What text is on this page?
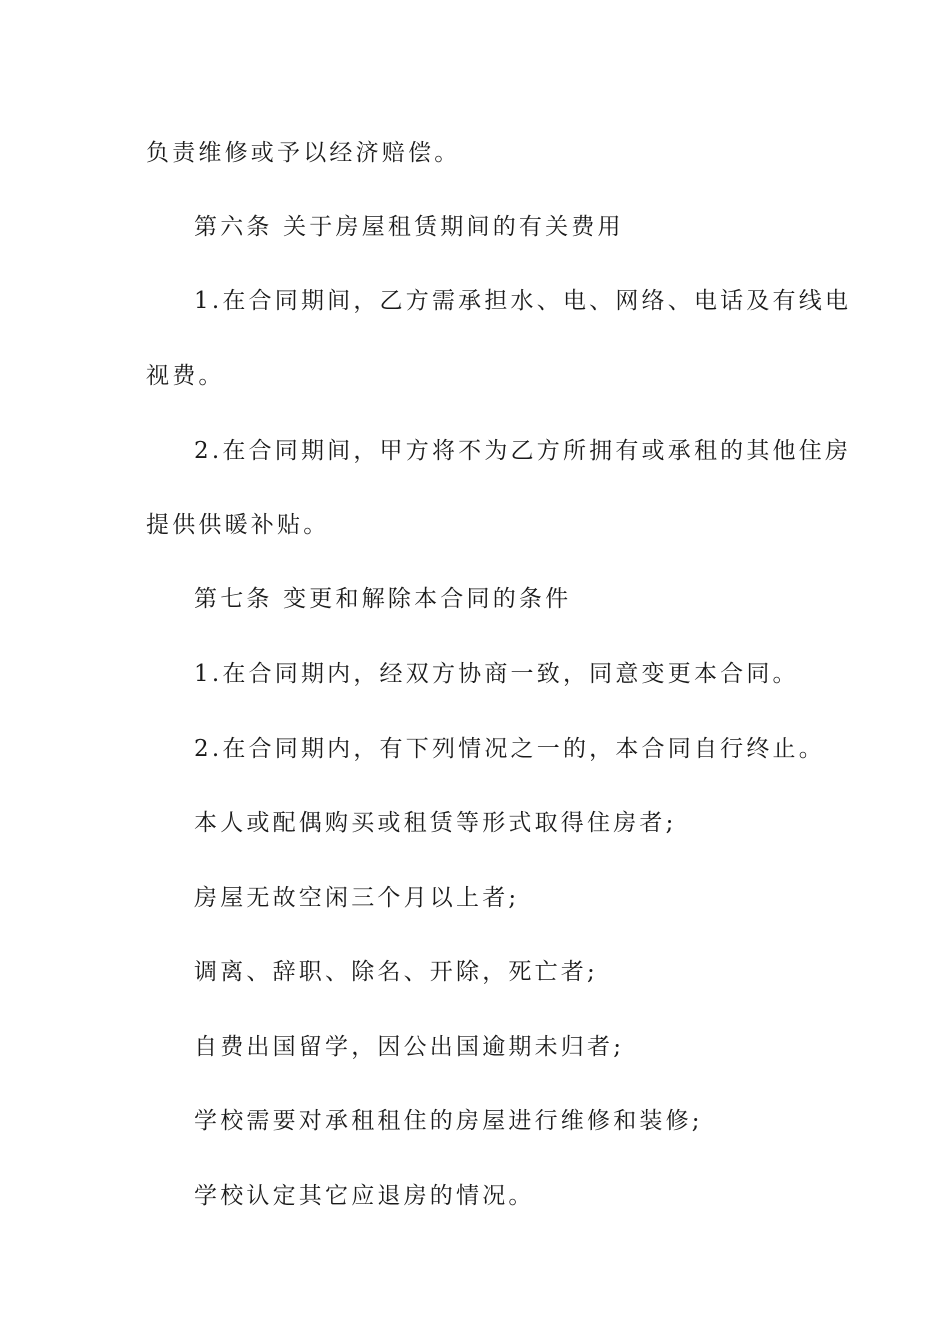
负责维修或予以经济赔偿。
第六条 关于房屋租赁期间的有关费用
1.在合同期间，乙方需承担水、电、网络、电话及有线电
视费。
2.在合同期间，甲方将不为乙方所拥有或承租的其他住房
提供供暖补贴。
第七条 变更和解除本合同的条件
1.在合同期内，经双方协商一致，同意变更本合同。
2.在合同期内，有下列情况之一的，本合同自行终止。
本人或配偶购买或租赁等形式取得住房者;
房屋无故空闲三个月以上者;
调离、辞职、除名、开除，死亡者;
自费出国留学，因公出国逾期未归者;
学校需要对承租租住的房屋进行维修和装修;
学校认定其它应退房的情况。
